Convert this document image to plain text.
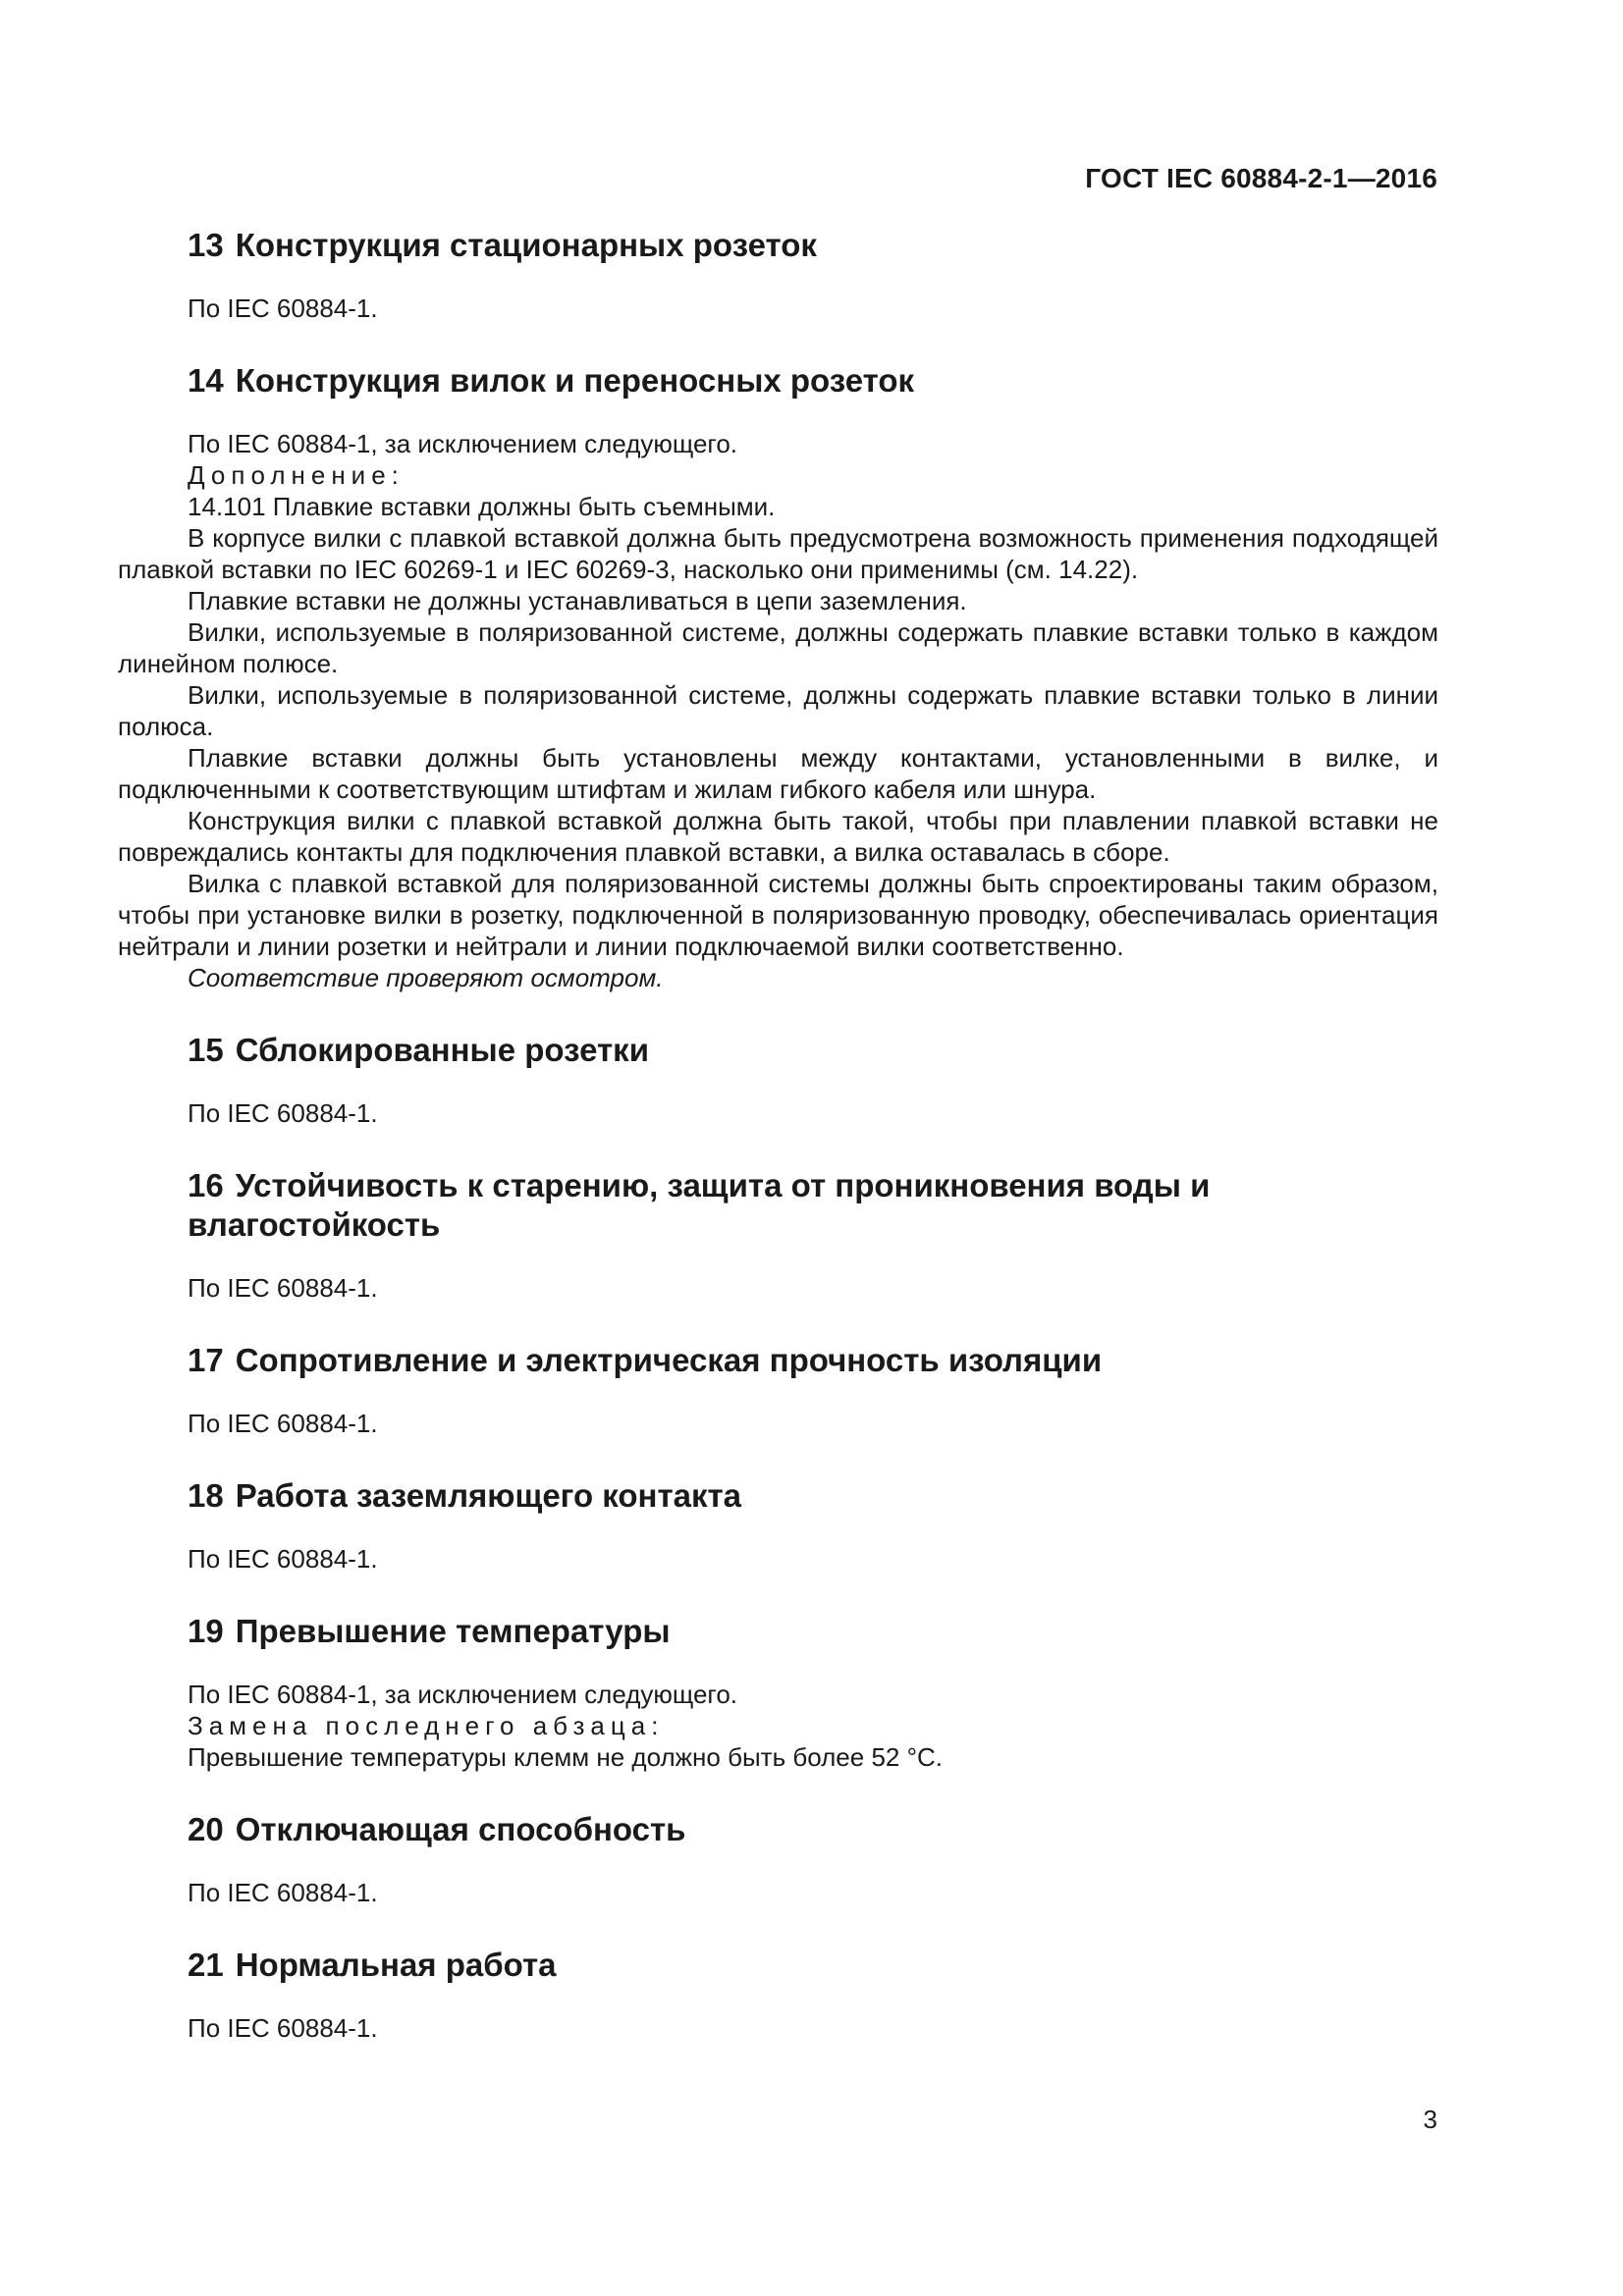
ГОСТ IEC 60884-2-1—2016
13 Конструкция стационарных розеток

По IEC 60884-1.

14 Конструкция вилок и переносных розеток

По IEC 60884-1, за исключением следующего.

Дополнение:

14.101 Плавкие вставки должны быть съемными.

В корпусе вилки с плавкой вставкой должна быть предусмотрена возможность применения подходящей плавкой вставки по IEC 60269-1 и IEC 60269-3, насколько они применимы (см. 14.22).

Плавкие вставки не должны устанавливаться в цепи заземления.

Вилки, используемые в поляризованной системе, должны содержать плавкие вставки только в каждом линейном полюсе.

Вилки, используемые в поляризованной системе, должны содержать плавкие вставки только в линии полюса.

Плавкие вставки должны быть установлены между контактами, установленными в вилке, и подключенными к соответствующим штифтам и жилам гибкого кабеля или шнура.

Конструкция вилки с плавкой вставкой должна быть такой, чтобы при плавлении плавкой вставки не повреждались контакты для подключения плавкой вставки, а вилка оставалась в сборе.

Вилка с плавкой вставкой для поляризованной системы должны быть спроектированы таким образом, чтобы при установке вилки в розетку, подключенной в поляризованную проводку, обеспечивалась ориентация нейтрали и линии розетки и нейтрали и линии подключаемой вилки соответственно.

Соответствие проверяют осмотром.

15 Сблокированные розетки

По IEC 60884-1.

16 Устойчивость к старению, защита от проникновения воды и влагостойкость

По IEC 60884-1.

17 Сопротивление и электрическая прочность изоляции

По IEC 60884-1.

18 Работа заземляющего контакта

По IEC 60884-1.

19 Превышение температуры

По IEC 60884-1, за исключением следующего.

Замена последнего абзаца:

Превышение температуры клемм не должно быть более 52 °С.

20 Отключающая способность

По IEC 60884-1.

21 Нормальная работа

По IEC 60884-1.

3
